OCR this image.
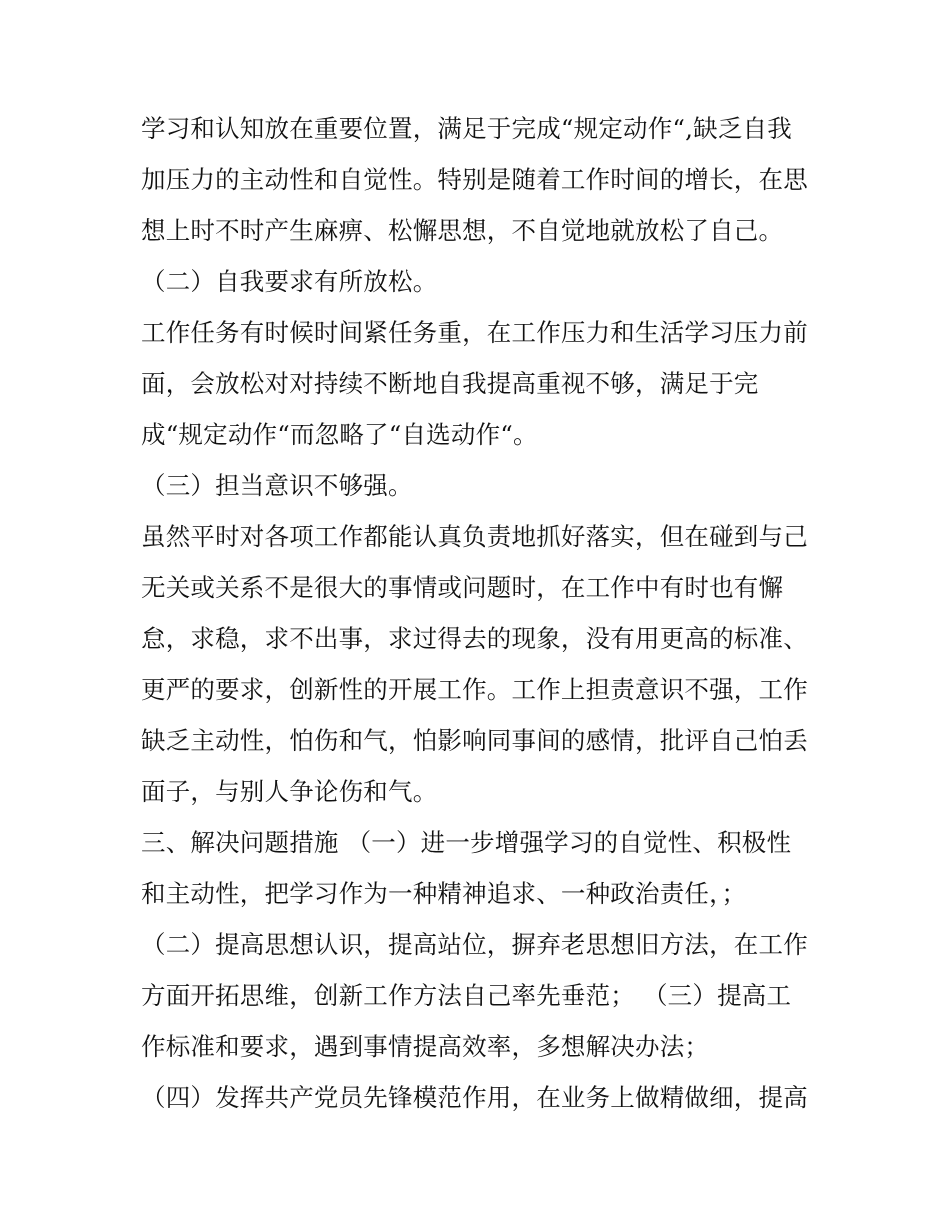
学习和认知放在重要位置，满足于完成“规定动作“,缺乏自我
加压力的主动性和自觉性。特别是随着工作时间的增长，在思
想上时不时产生麻痹、松懈思想，不自觉地就放松了自己。
（二）自我要求有所放松。
工作任务有时候时间紧任务重，在工作压力和生活学习压力前
面，会放松对对持续不断地自我提高重视不够，满足于完
成“规定动作“而忽略了“自选动作“。
（三）担当意识不够强。
虽然平时对各项工作都能认真负责地抓好落实，但在碰到与己
无关或关系不是很大的事情或问题时，在工作中有时也有懈
怠，求稳，求不出事，求过得去的现象，没有用更高的标准、
更严的要求，创新性的开展工作。工作上担责意识不强，工作
缺乏主动性，怕伤和气，怕影响同事间的感情，批评自己怕丢
面子，与别人争论伤和气。
三、解决问题措施 （一）进一步增强学习的自觉性、积极性
和主动性，把学习作为一种精神追求、一种政治责任，；
（二）提高思想认识，提高站位，摒弃老思想旧方法，在工作
方面开拓思维，创新工作方法自己率先垂范； （三）提高工
作标准和要求，遇到事情提高效率，多想解决办法；
（四）发挥共产党员先锋模范作用，在业务上做精做细，提高
